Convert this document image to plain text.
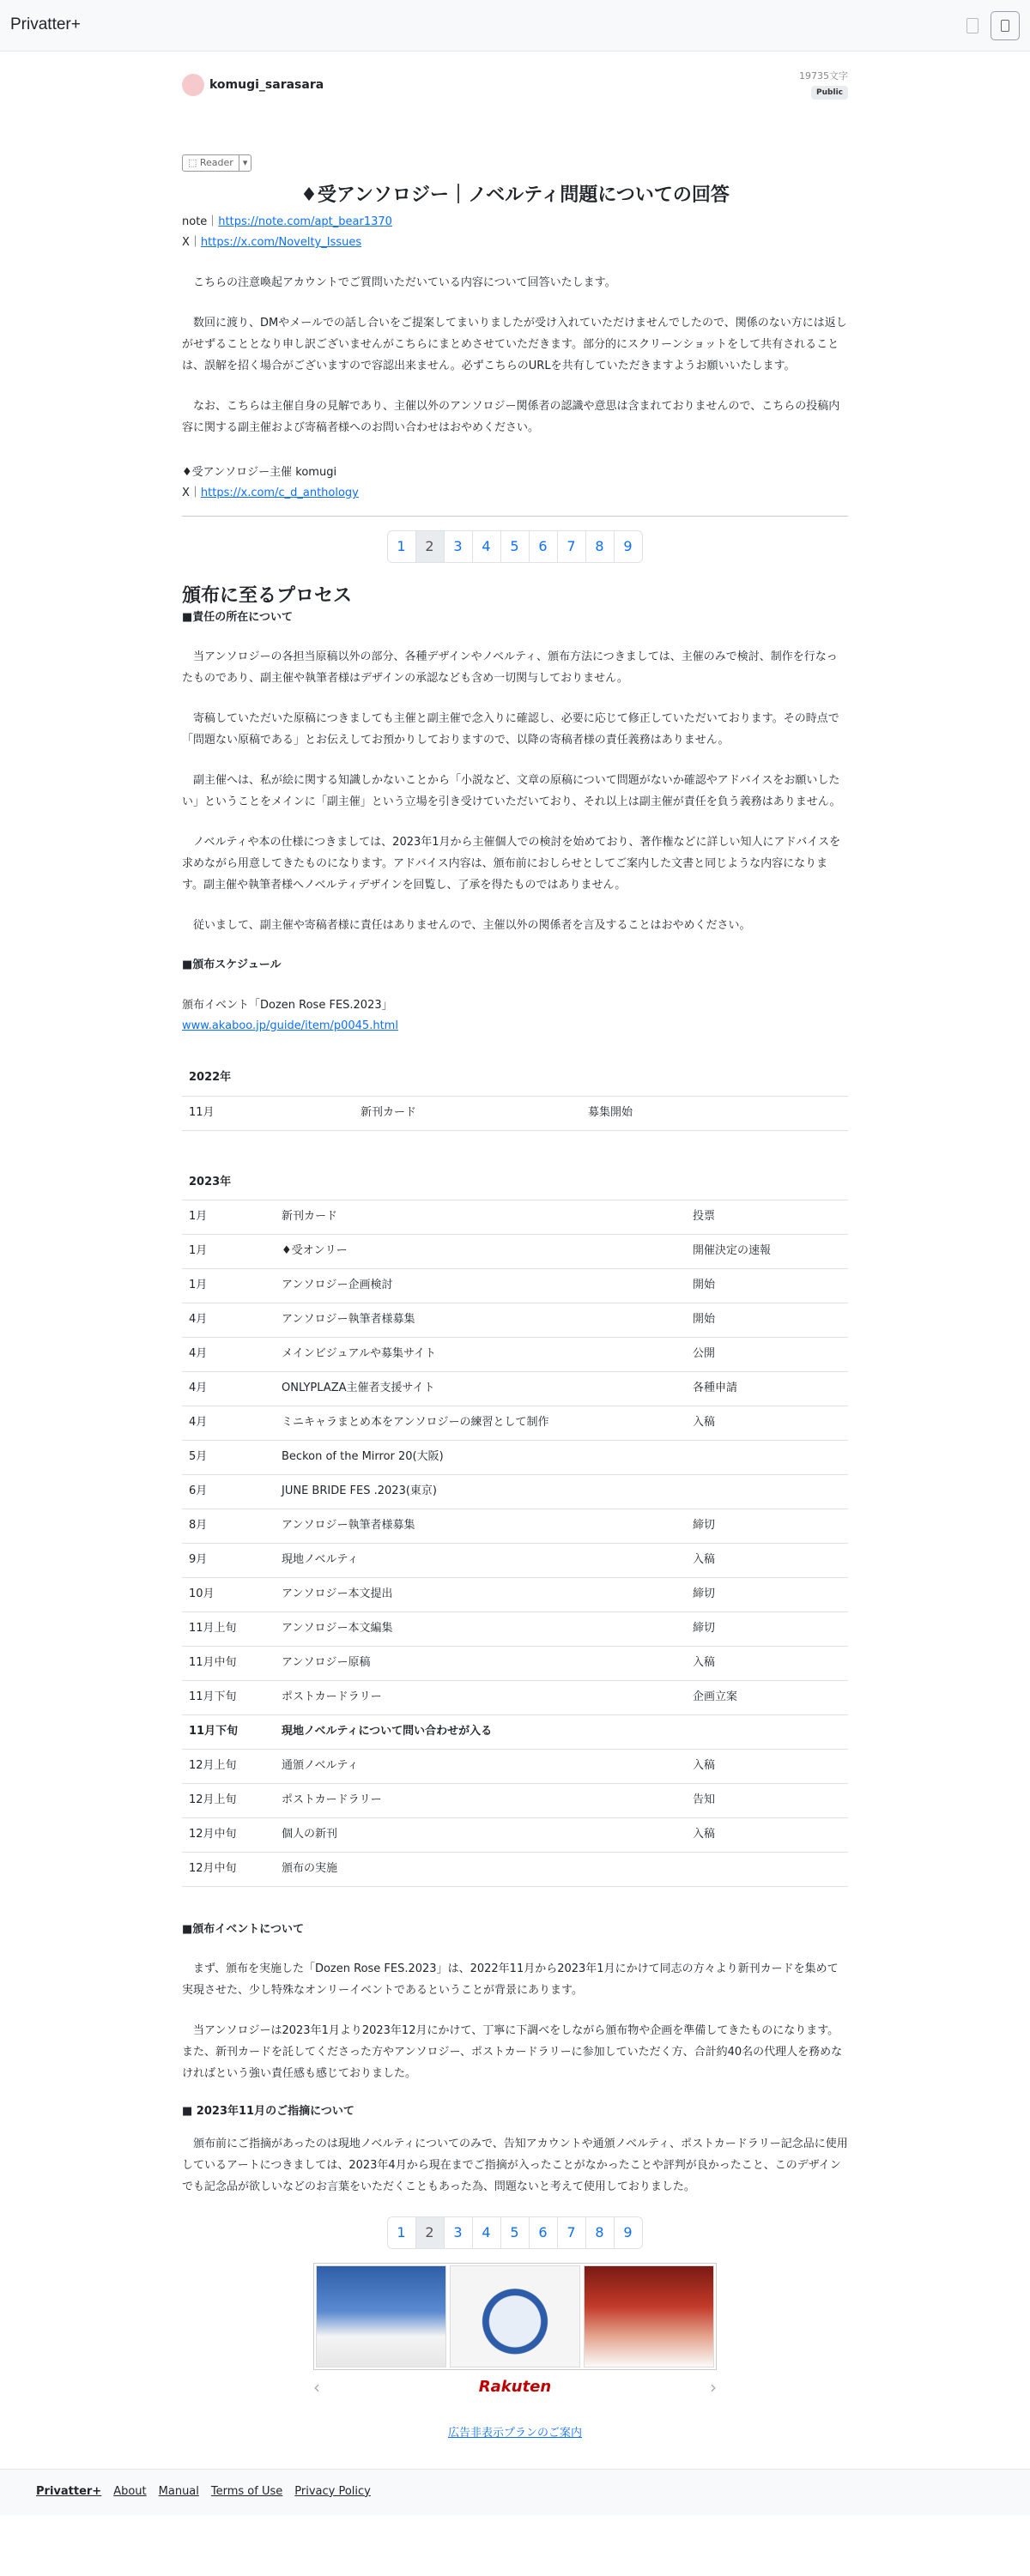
Privatter+
komugi_sarasara
19735文字
Public
⬚ Reader	▾
♦受アンソロジー｜ノベルティ問題についての回答
note｜https://note.com/apt_bear1370
X｜https://x.com/Novelty_Issues

こちらの注意喚起アカウントでご質問いただいている内容について回答いたします。

数回に渡り、DMやメールでの話し合いをご提案してまいりましたが受け入れていただけませんでしたので、関係のない方には返しがせずることとなり申し訳ございませんがこちらにまとめさせていただきます。部分的にスクリーンショットをして共有されることは、誤解を招く場合がございますので容認出来ません。必ずこちらのURLを共有していただきますようお願いいたします。

なお、こちらは主催自身の見解であり、主催以外のアンソロジー関係者の認識や意思は含まれておりませんので、こちらの投稿内容に関する副主催および寄稿者様へのお問い合わせはおやめください。

♦受アンソロジー主催 komugi
X｜https://x.com/c_d_anthology
1	2	3	4	5	6	7	8	9
頒布に至るプロセス
■責任の所在について

当アンソロジーの各担当原稿以外の部分、各種デザインやノベルティ、頒布方法につきましては、主催のみで検討、制作を行なったものであり、副主催や執筆者様はデザインの承認なども含め一切関与しておりません。

寄稿していただいた原稿につきましても主催と副主催で念入りに確認し、必要に応じて修正していただいております。その時点で「問題ない原稿である」とお伝えしてお預かりしておりますので、以降の寄稿者様の責任義務はありません。

副主催へは、私が絵に関する知識しかないことから「小説など、文章の原稿について問題がないか確認やアドバイスをお願いしたい」ということをメインに「副主催」という立場を引き受けていただいており、それ以上は副主催が責任を負う義務はありません。

ノベルティや本の仕様につきましては、2023年1月から主催個人での検討を始めており、著作権などに詳しい知人にアドバイスを求めながら用意してきたものになります。アドバイス内容は、頒布前におしらせとしてご案内した文書と同じような内容になります。副主催や執筆者様へノベルティデザインを回覧し、了承を得たものではありません。

従いまして、副主催や寄稿者様に責任はありませんので、主催以外の関係者を言及することはおやめください。

■頒布スケジュール
頒布イベント「Dozen Rose FES.2023」
www.akaboo.jp/guide/item/p0045.html
2022年
11月	新刊カード	募集開始
2023年		
1月	新刊カード	投票
1月	♦受オンリー	開催決定の速報
1月	アンソロジー企画検討	開始
4月	アンソロジー執筆者様募集	開始
4月	メインビジュアルや募集サイト	公開
4月	ONLYPLAZA主催者支援サイト	各種申請
4月	ミニキャラまとめ本をアンソロジーの練習として制作	入稿
5月	Beckon of the Mirror 20(大阪)	
6月	JUNE BRIDE FES .2023(東京)	
8月	アンソロジー執筆者様募集	締切
9月	現地ノベルティ	入稿
10月	アンソロジー本文提出	締切
11月上旬	アンソロジー本文編集	締切
11月中旬	アンソロジー原稿	入稿
11月下旬	ポストカードラリー	企画立案
11月下旬	現地ノベルティについて問い合わせが入る	
12月上旬	通頒ノベルティ	入稿
12月上旬	ポストカードラリー	告知
12月中旬	個人の新刊	入稿
12月中旬	頒布の実施	
■頒布イベントについて

まず、頒布を実施した「Dozen Rose FES.2023」は、2022年11月から2023年1月にかけて同志の方々より新刊カードを集めて実現させた、少し特殊なオンリーイベントであるということが背景にあります。

当アンソロジーは2023年1月より2023年12月にかけて、丁寧に下調べをしながら頒布物や企画を準備してきたものになります。また、新刊カードを託してくださった方やアンソロジー、ポストカードラリーに参加していただく方、合計約40名の代理人を務めなければという強い責任感も感じておりました。

■ 2023年11月のご指摘について

頒布前にご指摘があったのは現地ノベルティについてのみで、告知アカウントや通頒ノベルティ、ポストカードラリー記念品に使用しているアートにつきましては、2023年4月から現在までご指摘が入ったことがなかったことや評判が良かったこと、このデザインでも記念品が欲しいなどのお言葉をいただくこともあった為、問題ないと考えて使用しておりました。

1	2	3	4	5	6	7	8	9
‹	Rakuten	›
広告非表示プランのご案内
Privatter+ About Manual Terms of Use Privacy Policy
